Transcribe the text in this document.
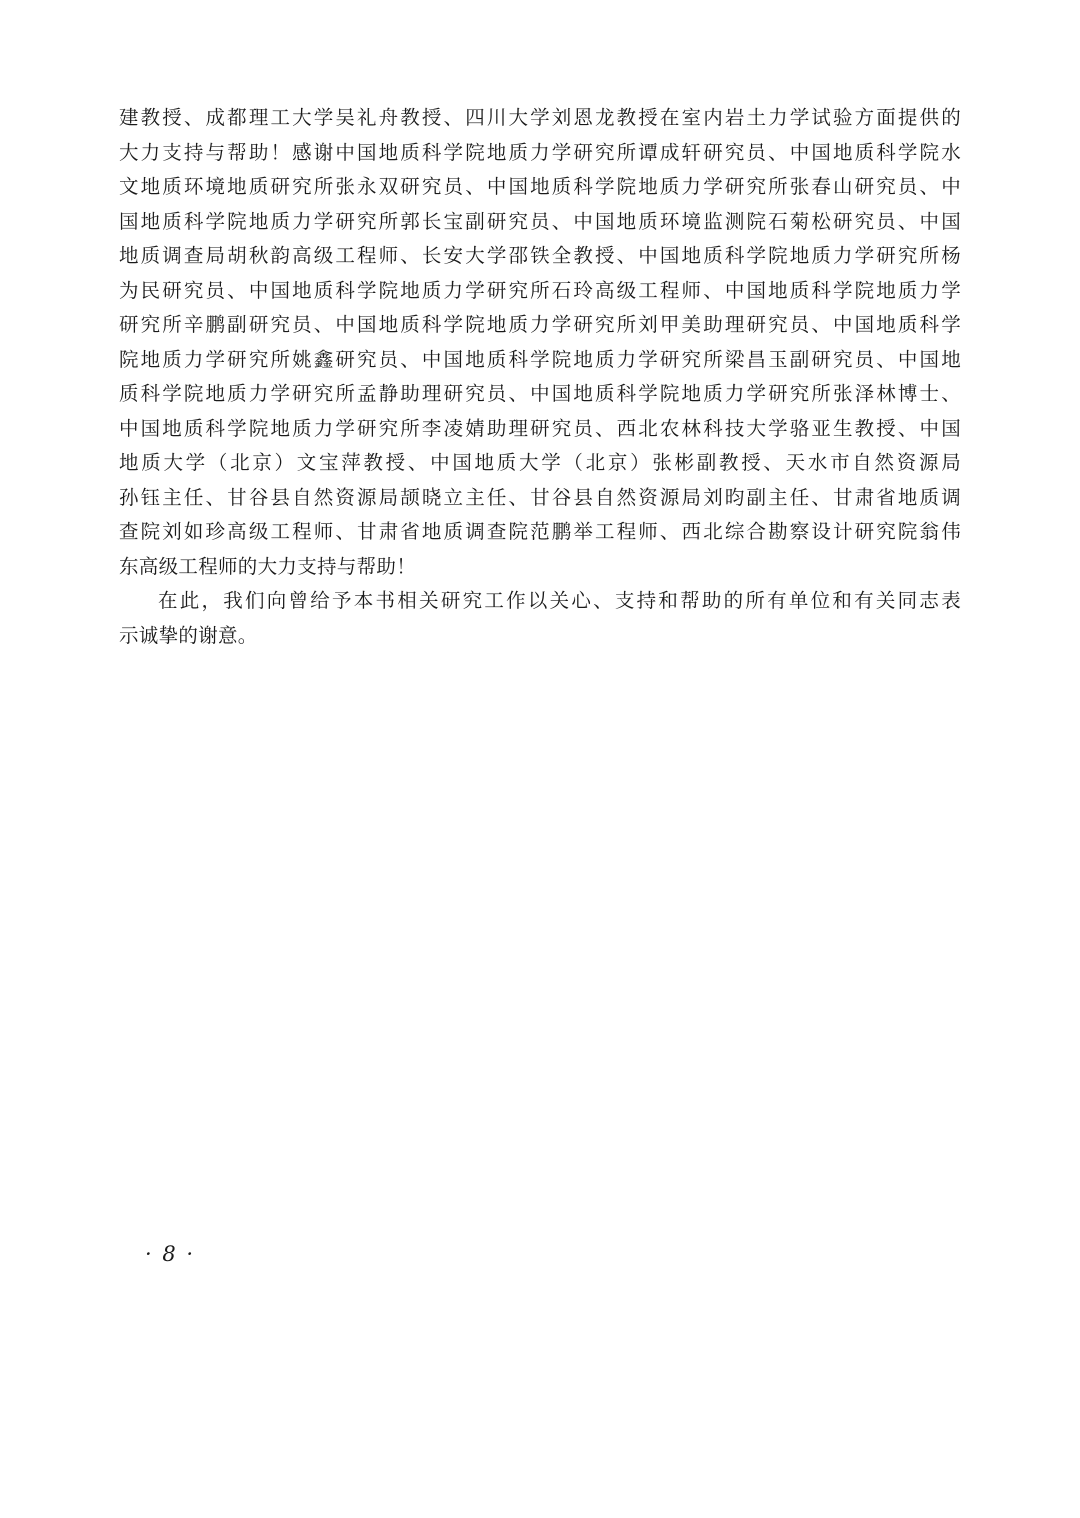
建教授、成都理工大学吴礼舟教授、四川大学刘恩龙教授在室内岩土力学试验方面提供的
大力支持与帮助！感谢中国地质科学院地质力学研究所谭成轩研究员、中国地质科学院水
文地质环境地质研究所张永双研究员、中国地质科学院地质力学研究所张春山研究员、中
国地质科学院地质力学研究所郭长宝副研究员、中国地质环境监测院石菊松研究员、中国
地质调查局胡秋韵高级工程师、长安大学邵铁全教授、中国地质科学院地质力学研究所杨
为民研究员、中国地质科学院地质力学研究所石玲高级工程师、中国地质科学院地质力学
研究所辛鹏副研究员、中国地质科学院地质力学研究所刘甲美助理研究员、中国地质科学
院地质力学研究所姚鑫研究员、中国地质科学院地质力学研究所梁昌玉副研究员、中国地
质科学院地质力学研究所孟静助理研究员、中国地质科学院地质力学研究所张泽林博士、
中国地质科学院地质力学研究所李凌婧助理研究员、西北农林科技大学骆亚生教授、中国
地质大学（北京）文宝萍教授、中国地质大学（北京）张彬副教授、天水市自然资源局
孙钰主任、甘谷县自然资源局颉晓立主任、甘谷县自然资源局刘昀副主任、甘肃省地质调
查院刘如珍高级工程师、甘肃省地质调查院范鹏举工程师、西北综合勘察设计研究院翁伟
东高级工程师的大力支持与帮助！
在此，我们向曾给予本书相关研究工作以关心、支持和帮助的所有单位和有关同志表
示诚挚的谢意。
· 8 ·
